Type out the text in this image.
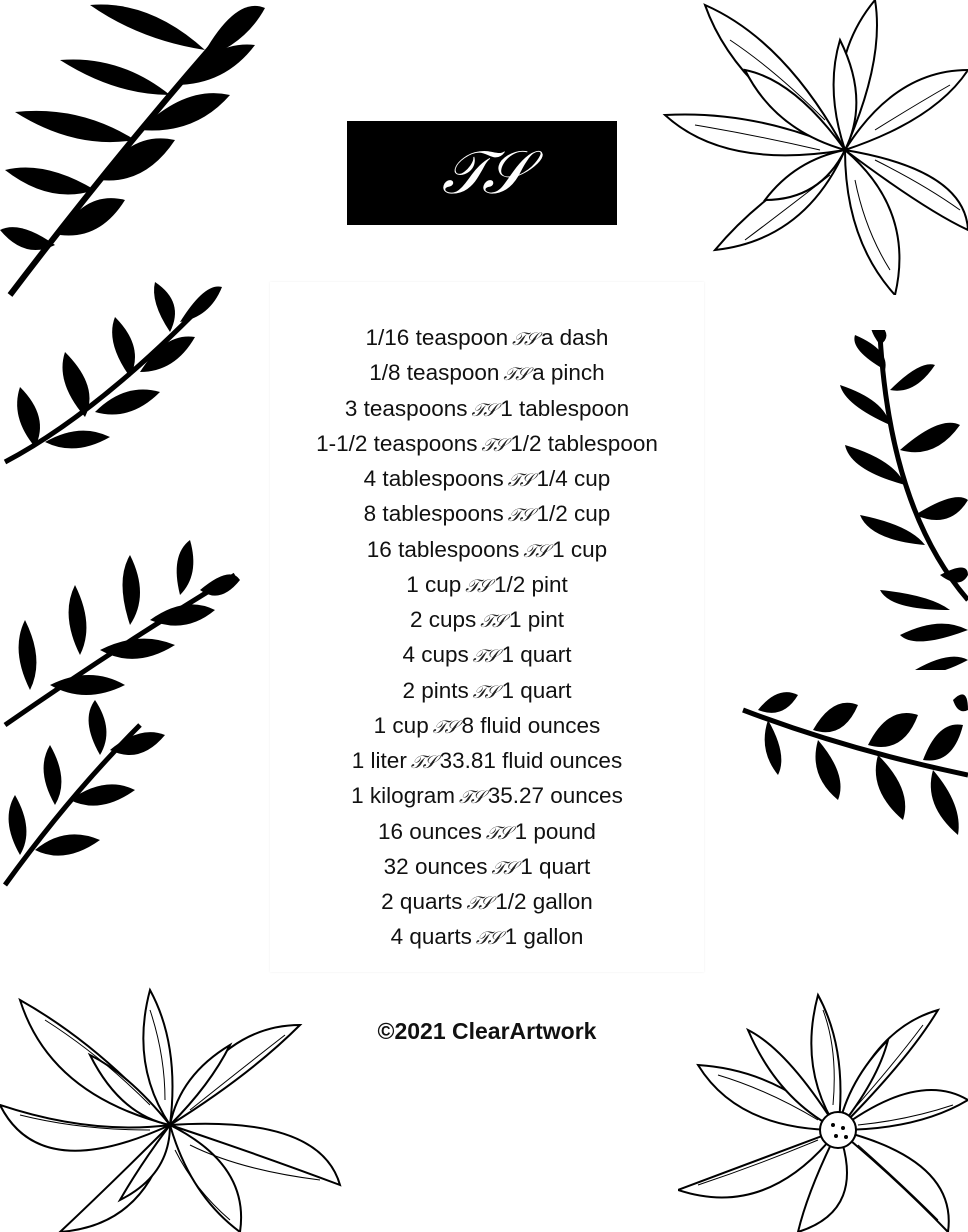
𝒯𝒮
1/16 teaspoon 𝒯𝒮 a dash
1/8 teaspoon 𝒯𝒮 a pinch
3 teaspoons 𝒯𝒮 1 tablespoon
1-1/2 teaspoons 𝒯𝒮 1/2 tablespoon
4 tablespoons 𝒯𝒮 1/4 cup
8 tablespoons 𝒯𝒮 1/2 cup
16 tablespoons 𝒯𝒮 1 cup
1 cup 𝒯𝒮 1/2 pint
2 cups 𝒯𝒮 1 pint
4 cups 𝒯𝒮 1 quart
2 pints 𝒯𝒮 1 quart
1 cup 𝒯𝒮 8 fluid ounces
1 liter 𝒯𝒮 33.81 fluid ounces
1 kilogram 𝒯𝒮 35.27 ounces
16 ounces 𝒯𝒮 1 pound
32 ounces 𝒯𝒮 1 quart
2 quarts 𝒯𝒮 1/2 gallon
4 quarts 𝒯𝒮 1 gallon
©2021 ClearArtwork
